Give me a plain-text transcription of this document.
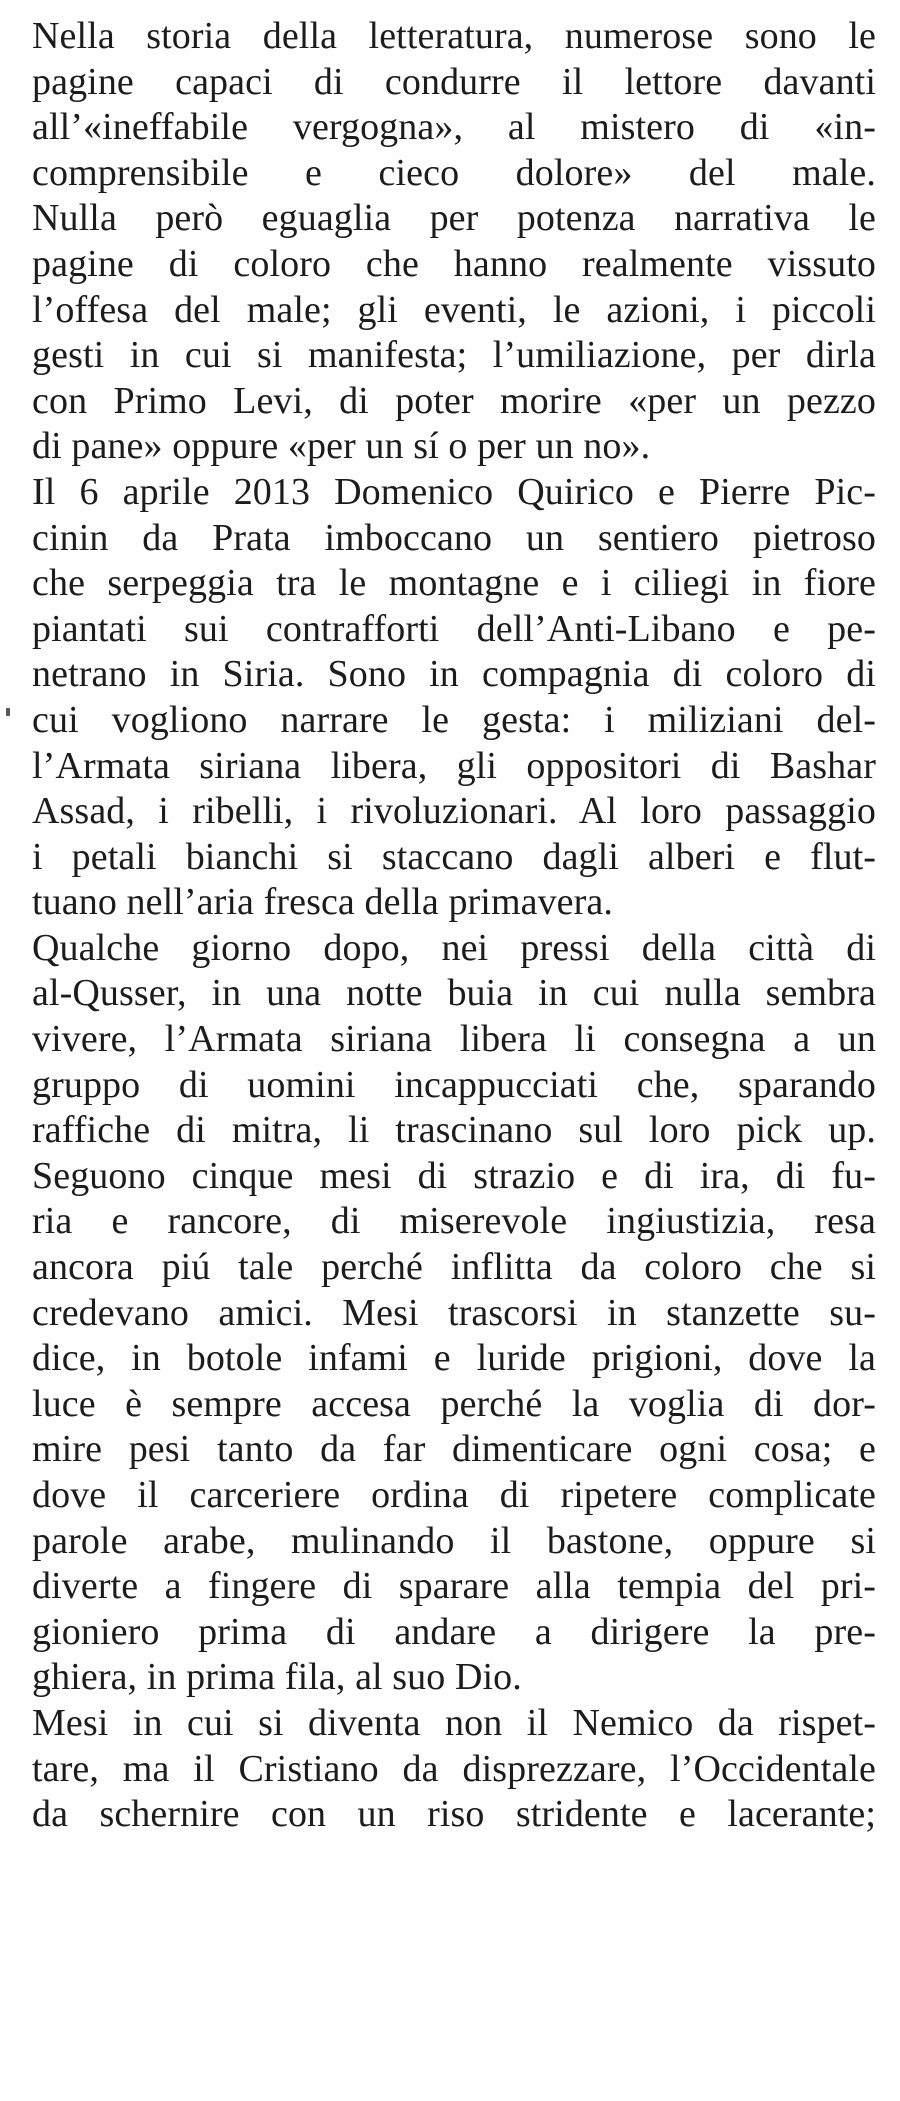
Nella storia della letteratura, numerose sono le
pagine capaci di condurre il lettore davanti
all’«ineffabile vergogna», al mistero di «in-
comprensibile e cieco dolore» del male.
Nulla però eguaglia per potenza narrativa le
pagine di coloro che hanno realmente vissuto
l’offesa del male; gli eventi, le azioni, i piccoli
gesti in cui si manifesta; l’umiliazione, per dirla
con Primo Levi, di poter morire «per un pezzo
di pane» oppure «per un sí o per un no».
Il 6 aprile 2013 Domenico Quirico e Pierre Pic-
cinin da Prata imboccano un sentiero pietroso
che serpeggia tra le montagne e i ciliegi in fiore
piantati sui contrafforti dell’Anti-Libano e pe-
netrano in Siria. Sono in compagnia di coloro di
cui vogliono narrare le gesta: i miliziani del-
l’Armata siriana libera, gli oppositori di Bashar
Assad, i ribelli, i rivoluzionari. Al loro passaggio
i petali bianchi si staccano dagli alberi e flut-
tuano nell’aria fresca della primavera.
Qualche giorno dopo, nei pressi della città di
al-Qusser, in una notte buia in cui nulla sembra
vivere, l’Armata siriana libera li consegna a un
gruppo di uomini incappucciati che, sparando
raffiche di mitra, li trascinano sul loro pick up.
Seguono cinque mesi di strazio e di ira, di fu-
ria e rancore, di miserevole ingiustizia, resa
ancora piú tale perché inflitta da coloro che si
credevano amici. Mesi trascorsi in stanzette su-
dice, in botole infami e luride prigioni, dove la
luce è sempre accesa perché la voglia di dor-
mire pesi tanto da far dimenticare ogni cosa; e
dove il carceriere ordina di ripetere complicate
parole arabe, mulinando il bastone, oppure si
diverte a fingere di sparare alla tempia del pri-
gioniero prima di andare a dirigere la pre-
ghiera, in prima fila, al suo Dio.
Mesi in cui si diventa non il Nemico da rispet-
tare, ma il Cristiano da disprezzare, l’Occidentale
da schernire con un riso stridente e lacerante;
